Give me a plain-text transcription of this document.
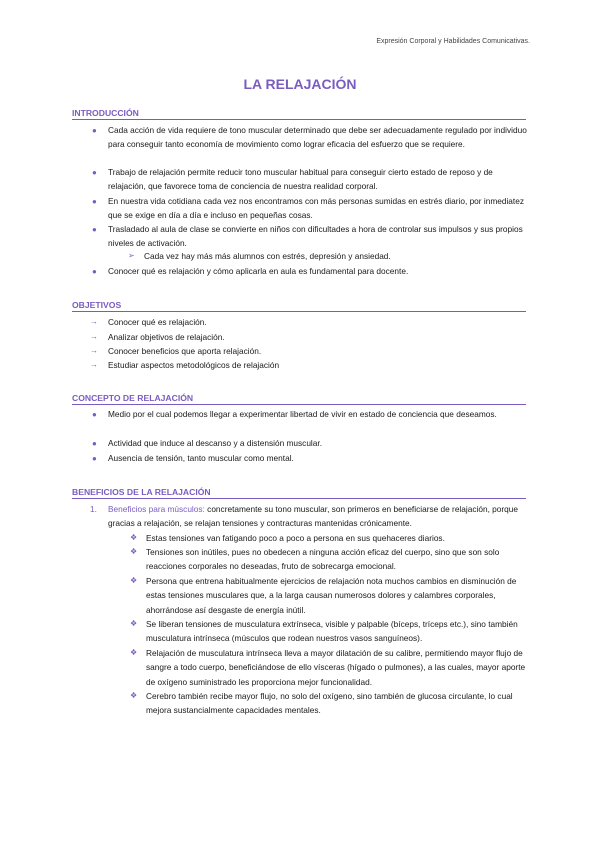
Expresión Corporal y Habilidades Comunicativas.
LA RELAJACIÓN
INTRODUCCIÓN
● Cada acción de vida requiere de tono muscular determinado que debe ser adecuadamente regulado por individuo para conseguir tanto economía de movimiento como lograr eficacia del esfuerzo que se requiere.
● Trabajo de relajación permite reducir tono muscular habitual para conseguir cierto estado de reposo y de relajación, que favorece toma de conciencia de nuestra realidad corporal.
● En nuestra vida cotidiana cada vez nos encontramos con más personas sumidas en estrés diario, por inmediatez que se exige en día a día e incluso en pequeñas cosas.
● Trasladado al aula de clase se convierte en niños con dificultades a hora de controlar sus impulsos y sus propios niveles de activación.
➢ Cada vez hay más más alumnos con estrés, depresión y ansiedad.
● Conocer qué es relajación y cómo aplicarla en aula es fundamental para docente.
OBJETIVOS
→ Conocer qué es relajación.
→ Analizar objetivos de relajación.
→ Conocer beneficios que aporta relajación.
→ Estudiar aspectos metodológicos de relajación
CONCEPTO DE RELAJACIÓN
● Medio por el cual podemos llegar a experimentar libertad de vivir en estado de conciencia que deseamos.
● Actividad que induce al descanso y a distensión muscular.
● Ausencia de tensión, tanto muscular como mental.
BENEFICIOS DE LA RELAJACIÓN
1. Beneficios para músculos: concretamente su tono muscular, son primeros en beneficiarse de relajación, porque gracias a relajación, se relajan tensiones y contracturas mantenidas crónicamente.
❖ Estas tensiones van fatigando poco a poco a persona en sus quehaceres diarios.
❖ Tensiones son inútiles, pues no obedecen a ninguna acción eficaz del cuerpo, sino que son solo reacciones corporales no deseadas, fruto de sobrecarga emocional.
❖ Persona que entrena habitualmente ejercicios de relajación nota muchos cambios en disminución de estas tensiones musculares que, a la larga causan numerosos dolores y calambres corporales, ahorrándose así desgaste de energía inútil.
❖ Se liberan tensiones de musculatura extrínseca, visible y palpable (bíceps, tríceps etc.), sino también musculatura intrínseca (músculos que rodean nuestros vasos sanguíneos).
❖ Relajación de musculatura intrínseca lleva a mayor dilatación de su calibre, permitiendo mayor flujo de sangre a todo cuerpo, beneficiándose de ello vísceras (hígado o pulmones), a las cuales, mayor aporte de oxígeno suministrado les proporciona mejor funcionalidad.
❖ Cerebro también recibe mayor flujo, no solo del oxígeno, sino también de glucosa circulante, lo cual mejora sustancialmente capacidades mentales.
